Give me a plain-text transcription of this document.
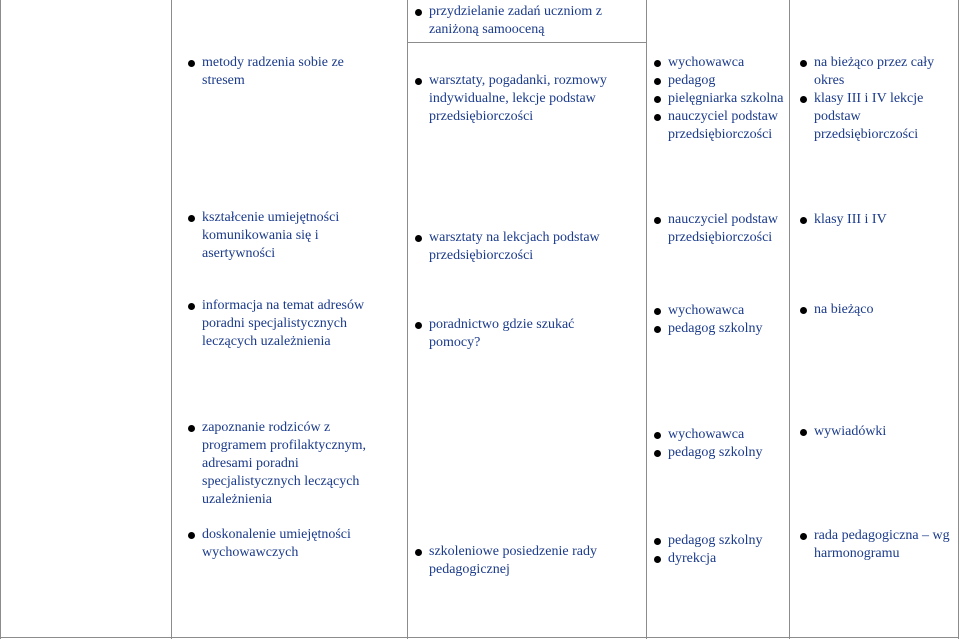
przydzielanie zadań uczniom z zaniżoną samooceną
metody radzenia sobie ze stresem	warsztaty, pogadanki, rozmowy indywidualne, lekcje podstaw przedsiębiorczości
wychowawca
pedagog
pielęgniarka szkolna
nauczyciel podstaw przedsiębiorczości
na bieżąco przez cały okres
klasy III i IV lekcje podstaw przedsiębiorczości
kształcenie umiejętności komunikowania się i asertywności
warsztaty na lekcjach podstaw przedsiębiorczości
nauczyciel podstaw przedsiębiorczości
klasy III i IV
informacja na temat adresów poradni specjalistycznych leczących uzależnienia
poradnictwo gdzie szukać pomocy?
wychowawca
pedagog szkolny
na bieżąco
zapoznanie rodziców z programem profilaktycznym, adresami poradni specjalistycznych leczących uzależnienia
wychowawca
pedagog szkolny
wywiadówki
doskonalenie umiejętności wychowawczych	szkoleniowe posiedzenie rady pedagogicznej
pedagog szkolny
dyrekcja
rada pedagogiczna – wg harmonogramu
